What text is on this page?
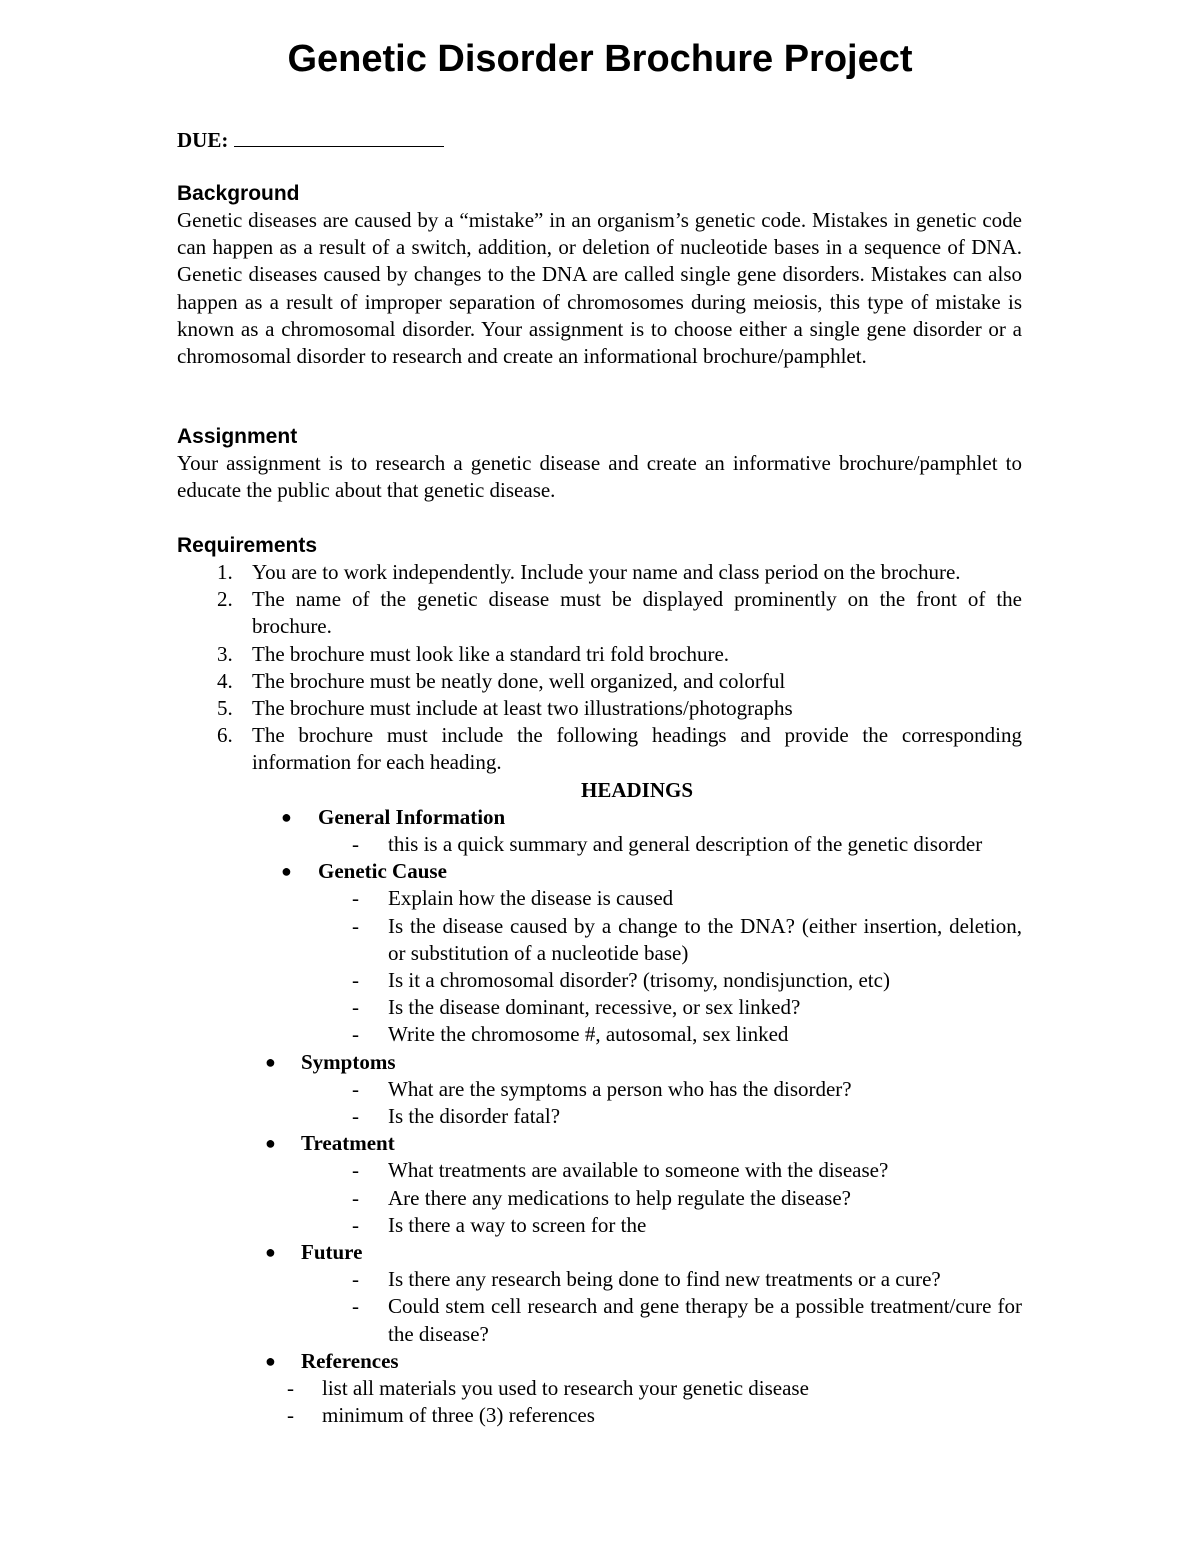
Genetic Disorder Brochure Project
DUE:
Background

Genetic diseases are caused by a “mistake” in an organism’s genetic code. Mistakes in genetic code can happen as a result of a switch, addition, or deletion of nucleotide bases in a sequence of DNA. Genetic diseases caused by changes to the DNA are called single gene disorders. Mistakes can also happen as a result of improper separation of chromosomes during meiosis, this type of mistake is known as a chromosomal disorder. Your assignment is to choose either a single gene disorder or a chromosomal disorder to research and create an informational brochure/pamphlet.

Assignment

Your assignment is to research a genetic disease and create an informative brochure/pamphlet to educate the public about that genetic disease.

Requirements
1. You are to work independently. Include your name and class period on the brochure.
2. The name of the genetic disease must be displayed prominently on the front of the brochure.
3. The brochure must look like a standard tri fold brochure.
4. The brochure must be neatly done, well organized, and colorful
5. The brochure must include at least two illustrations/photographs
6. The brochure must include the following headings and provide the corresponding information for each heading.
HEADINGS
● General Information
- this is a quick summary and general description of the genetic disorder
● Genetic Cause
- Explain how the disease is caused
- Is the disease caused by a change to the DNA? (either insertion, deletion, or substitution of a nucleotide base)
- Is it a chromosomal disorder? (trisomy, nondisjunction, etc)
- Is the disease dominant, recessive, or sex linked?
- Write the chromosome #, autosomal, sex linked
● Symptoms
- What are the symptoms a person who has the disorder?
- Is the disorder fatal?
● Treatment
- What treatments are available to someone with the disease?
- Are there any medications to help regulate the disease?
- Is there a way to screen for the
● Future
- Is there any research being done to find new treatments or a cure?
- Could stem cell research and gene therapy be a possible treatment/cure for the disease?
● References
- list all materials you used to research your genetic disease
- minimum of three (3) references
